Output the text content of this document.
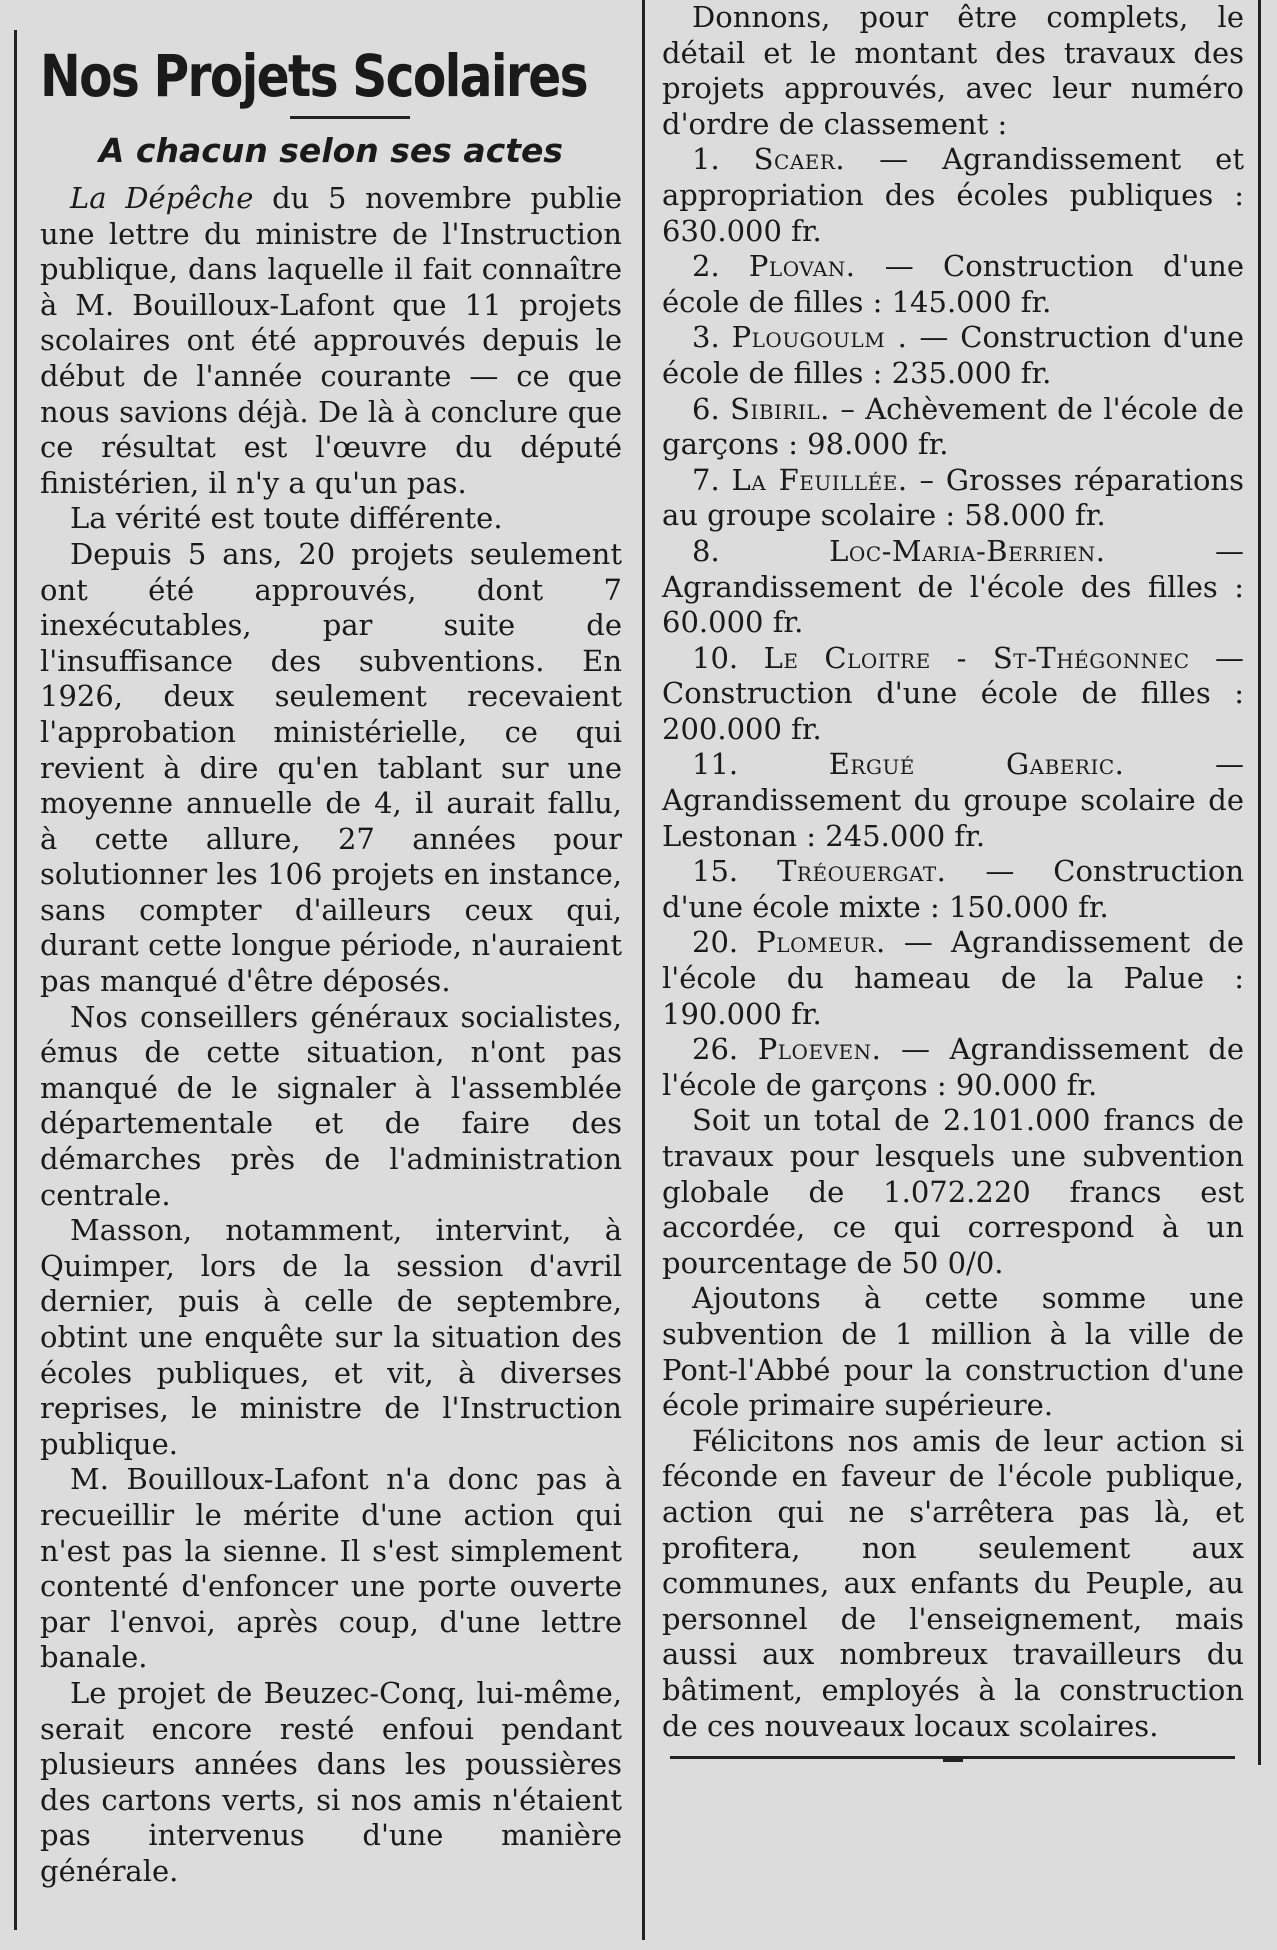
Nos Projets Scolaires
A chacun selon ses actes

La Dépêche du 5 novembre publie une lettre du ministre de l'Instruction publique, dans laquelle il fait connaître à M. Bouilloux-Lafont que 11 projets scolaires ont été approuvés depuis le début de l'année courante — ce que nous savions déjà. De là à conclure que ce résultat est l'œuvre du député finistérien, il n'y a qu'un pas.

La vérité est toute différente.

Depuis 5 ans, 20 projets seulement ont été approuvés, dont 7 inexécutables, par suite de l'insuffisance des subventions. En 1926, deux seulement recevaient l'approbation ministérielle, ce qui revient à dire qu'en tablant sur une moyenne annuelle de 4, il aurait fallu, à cette allure, 27 années pour solutionner les 106 projets en instance, sans compter d'ailleurs ceux qui, durant cette longue période, n'auraient pas manqué d'être déposés.

Nos conseillers généraux socialistes, émus de cette situation, n'ont pas manqué de le signaler à l'assemblée départementale et de faire des démarches près de l'administration centrale.

Masson, notamment, intervint, à Quimper, lors de la session d'avril dernier, puis à celle de septembre, obtint une enquête sur la situation des écoles publiques, et vit, à diverses reprises, le ministre de l'Instruction publique.

M. Bouilloux-Lafont n'a donc pas à recueillir le mérite d'une action qui n'est pas la sienne. Il s'est simplement contenté d'enfoncer une porte ouverte par l'envoi, après coup, d'une lettre banale.

Le projet de Beuzec-Conq, lui-même, serait encore resté enfoui pendant plusieurs années dans les poussières des cartons verts, si nos amis n'étaient pas intervenus d'une manière générale.

Donnons, pour être complets, le détail et le montant des travaux des projets approuvés, avec leur numéro d'ordre de classement :

1. Scaer. — Agrandissement et appropriation des écoles publiques : 630.000 fr.

2. Plovan. — Construction d'une école de filles : 145.000 fr.

3. Plougoulm . — Construction d'une école de filles : 235.000 fr.

6. Sibiril. – Achèvement de l'école de garçons : 98.000 fr.

7. La Feuillée. – Grosses réparations au groupe scolaire : 58.000 fr.

8.	Loc-Maria-Berrien.	— Agrandissement de l'école des filles : 60.000 fr.

10. Le Cloitre - St-Thégonnec — Construction d'une école de filles : 200.000 fr.

11.	Ergué Gaberic.	— Agrandissement du groupe scolaire de Lestonan : 245.000 fr.

15. Tréouergat. — Construction d'une école mixte : 150.000 fr.

20. Plomeur. — Agrandissement de l'école du hameau de la Palue : 190.000 fr.

26. Ploeven. — Agrandissement de l'école de garçons : 90.000 fr.

Soit un total de 2.101.000 francs de travaux pour lesquels une subvention globale de 1.072.220 francs est accordée, ce qui correspond à un pourcentage de 50 0/0.

Ajoutons à cette somme une subvention de 1 million à la ville de Pont-l'Abbé pour la construction d'une école primaire supérieure.

Félicitons nos amis de leur action si féconde en faveur de l'école publique, action qui ne s'arrêtera pas là, et profitera, non seulement aux communes, aux enfants du Peuple, au personnel de l'enseignement, mais aussi aux nombreux travailleurs du bâtiment, employés à la construction de ces nouveaux locaux scolaires.
